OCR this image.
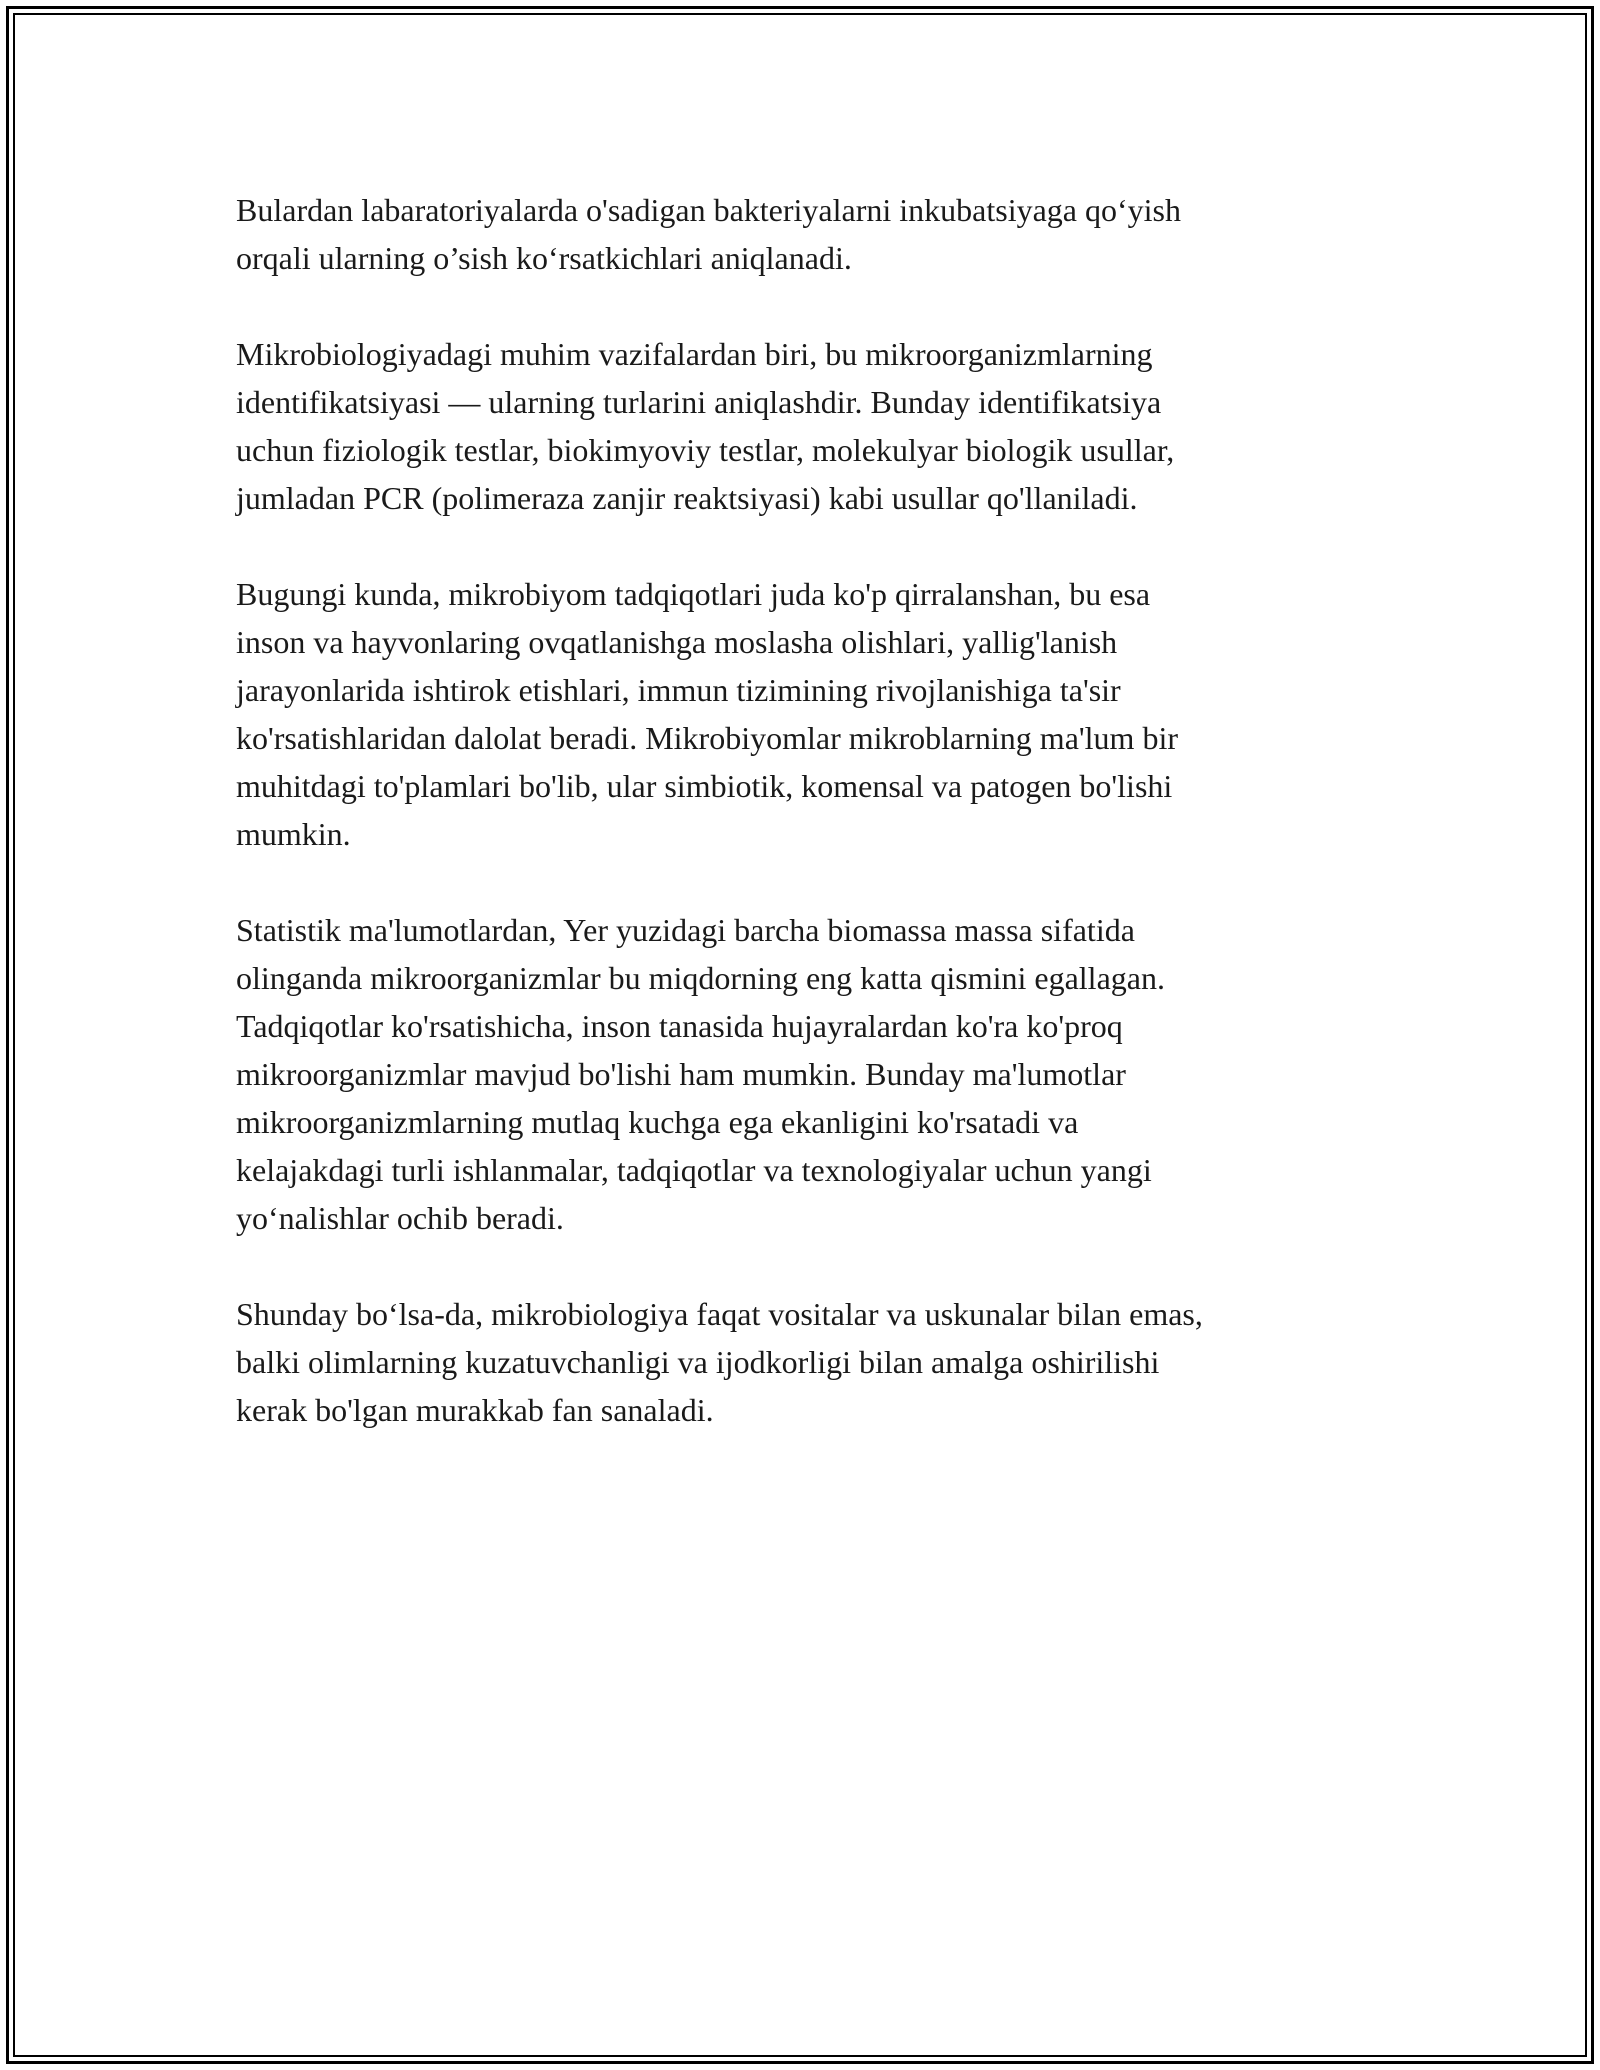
Bulardan labaratoriyalarda o'sadigan bakteriyalarni inkubatsiyaga qo‘yish
orqali ularning o’sish ko‘rsatkichlari aniqlanadi.

Mikrobiologiyadagi muhim vazifalardan biri, bu mikroorganizmlarning
identifikatsiyasi — ularning turlarini aniqlashdir. Bunday identifikatsiya
uchun fiziologik testlar, biokimyoviy testlar, molekulyar biologik usullar,
jumladan PCR (polimeraza zanjir reaktsiyasi) kabi usullar qo'llaniladi.

Bugungi kunda, mikrobiyom tadqiqotlari juda ko'p qirralanshan, bu esa
inson va hayvonlaring ovqatlanishga moslasha olishlari, yallig'lanish
jarayonlarida ishtirok etishlari, immun tizimining rivojlanishiga ta'sir
ko'rsatishlaridan dalolat beradi. Mikrobiyomlar mikroblarning ma'lum bir
muhitdagi to'plamlari bo'lib, ular simbiotik, komensal va patogen bo'lishi
mumkin.

Statistik ma'lumotlardan, Yer yuzidagi barcha biomassa massa sifatida
olinganda mikroorganizmlar bu miqdorning eng katta qismini egallagan.
Tadqiqotlar ko'rsatishicha, inson tanasida hujayralardan ko'ra ko'proq
mikroorganizmlar mavjud bo'lishi ham mumkin. Bunday ma'lumotlar
mikroorganizmlarning mutlaq kuchga ega ekanligini ko'rsatadi va
kelajakdagi turli ishlanmalar, tadqiqotlar va texnologiyalar uchun yangi
yo‘nalishlar ochib beradi.

Shunday bo‘lsa-da, mikrobiologiya faqat vositalar va uskunalar bilan emas,
balki olimlarning kuzatuvchanligi va ijodkorligi bilan amalga oshirilishi
kerak bo'lgan murakkab fan sanaladi.
